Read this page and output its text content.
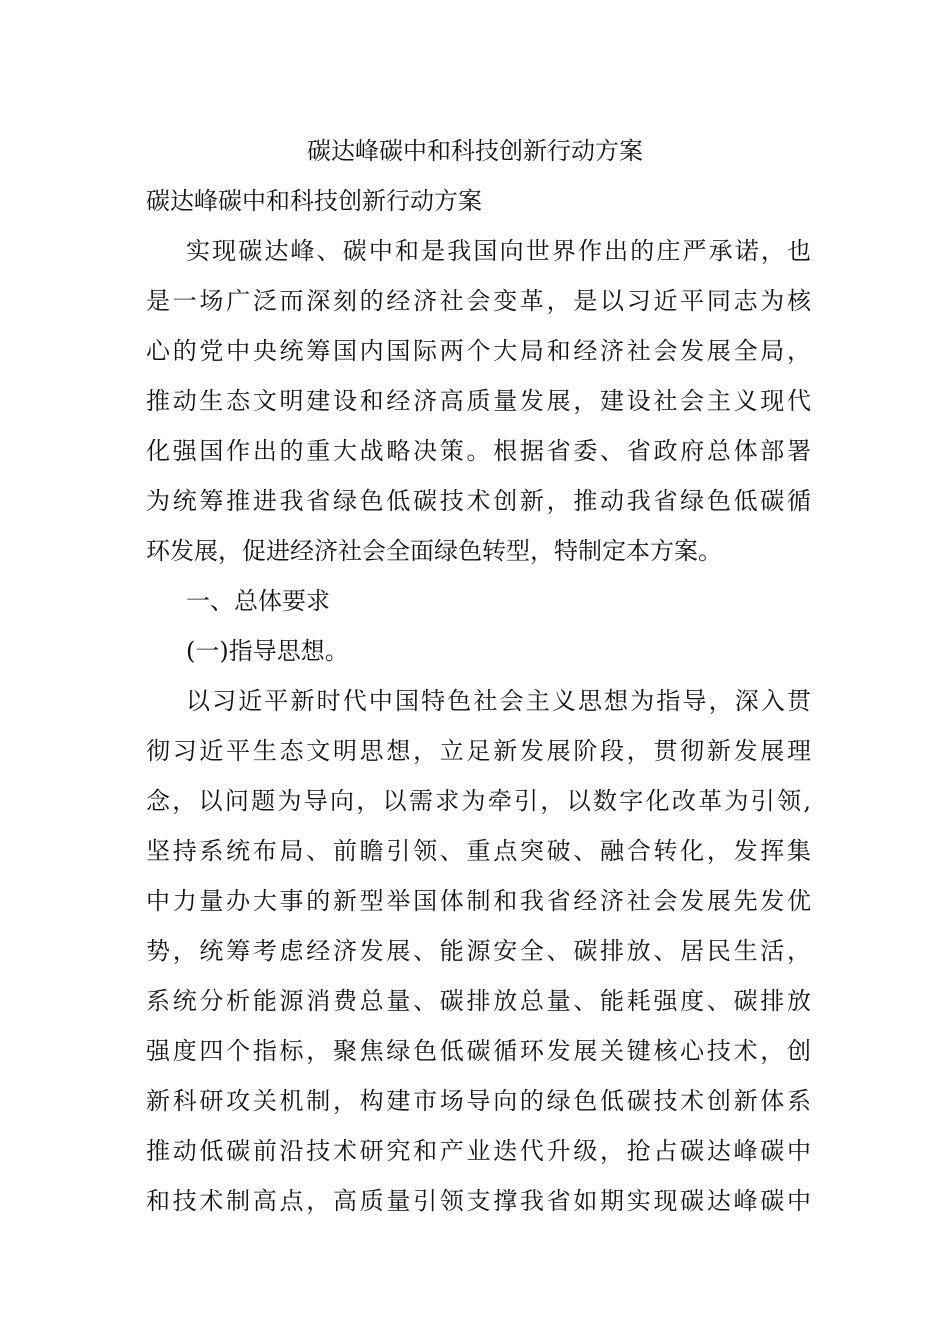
碳达峰碳中和科技创新行动方案
碳达峰碳中和科技创新行动方案
实现碳达峰、碳中和是我国向世界作出的庄严承诺，也
是一场广泛而深刻的经济社会变革，是以习近平同志为核
心的党中央统筹国内国际两个大局和经济社会发展全局，
推动生态文明建设和经济高质量发展，建设社会主义现代
化强国作出的重大战略决策。根据省委、省政府总体部署
为统筹推进我省绿色低碳技术创新，推动我省绿色低碳循
环发展，促进经济社会全面绿色转型，特制定本方案。
一、总体要求
(一)指导思想。
以习近平新时代中国特色社会主义思想为指导，深入贯
彻习近平生态文明思想，立足新发展阶段，贯彻新发展理
念，以问题为导向，以需求为牵引，以数字化改革为引领,
坚持系统布局、前瞻引领、重点突破、融合转化，发挥集
中力量办大事的新型举国体制和我省经济社会发展先发优
势，统筹考虑经济发展、能源安全、碳排放、居民生活，
系统分析能源消费总量、碳排放总量、能耗强度、碳排放
强度四个指标，聚焦绿色低碳循环发展关键核心技术，创
新科研攻关机制，构建市场导向的绿色低碳技术创新体系
推动低碳前沿技术研究和产业迭代升级，抢占碳达峰碳中
和技术制高点，高质量引领支撑我省如期实现碳达峰碳中
